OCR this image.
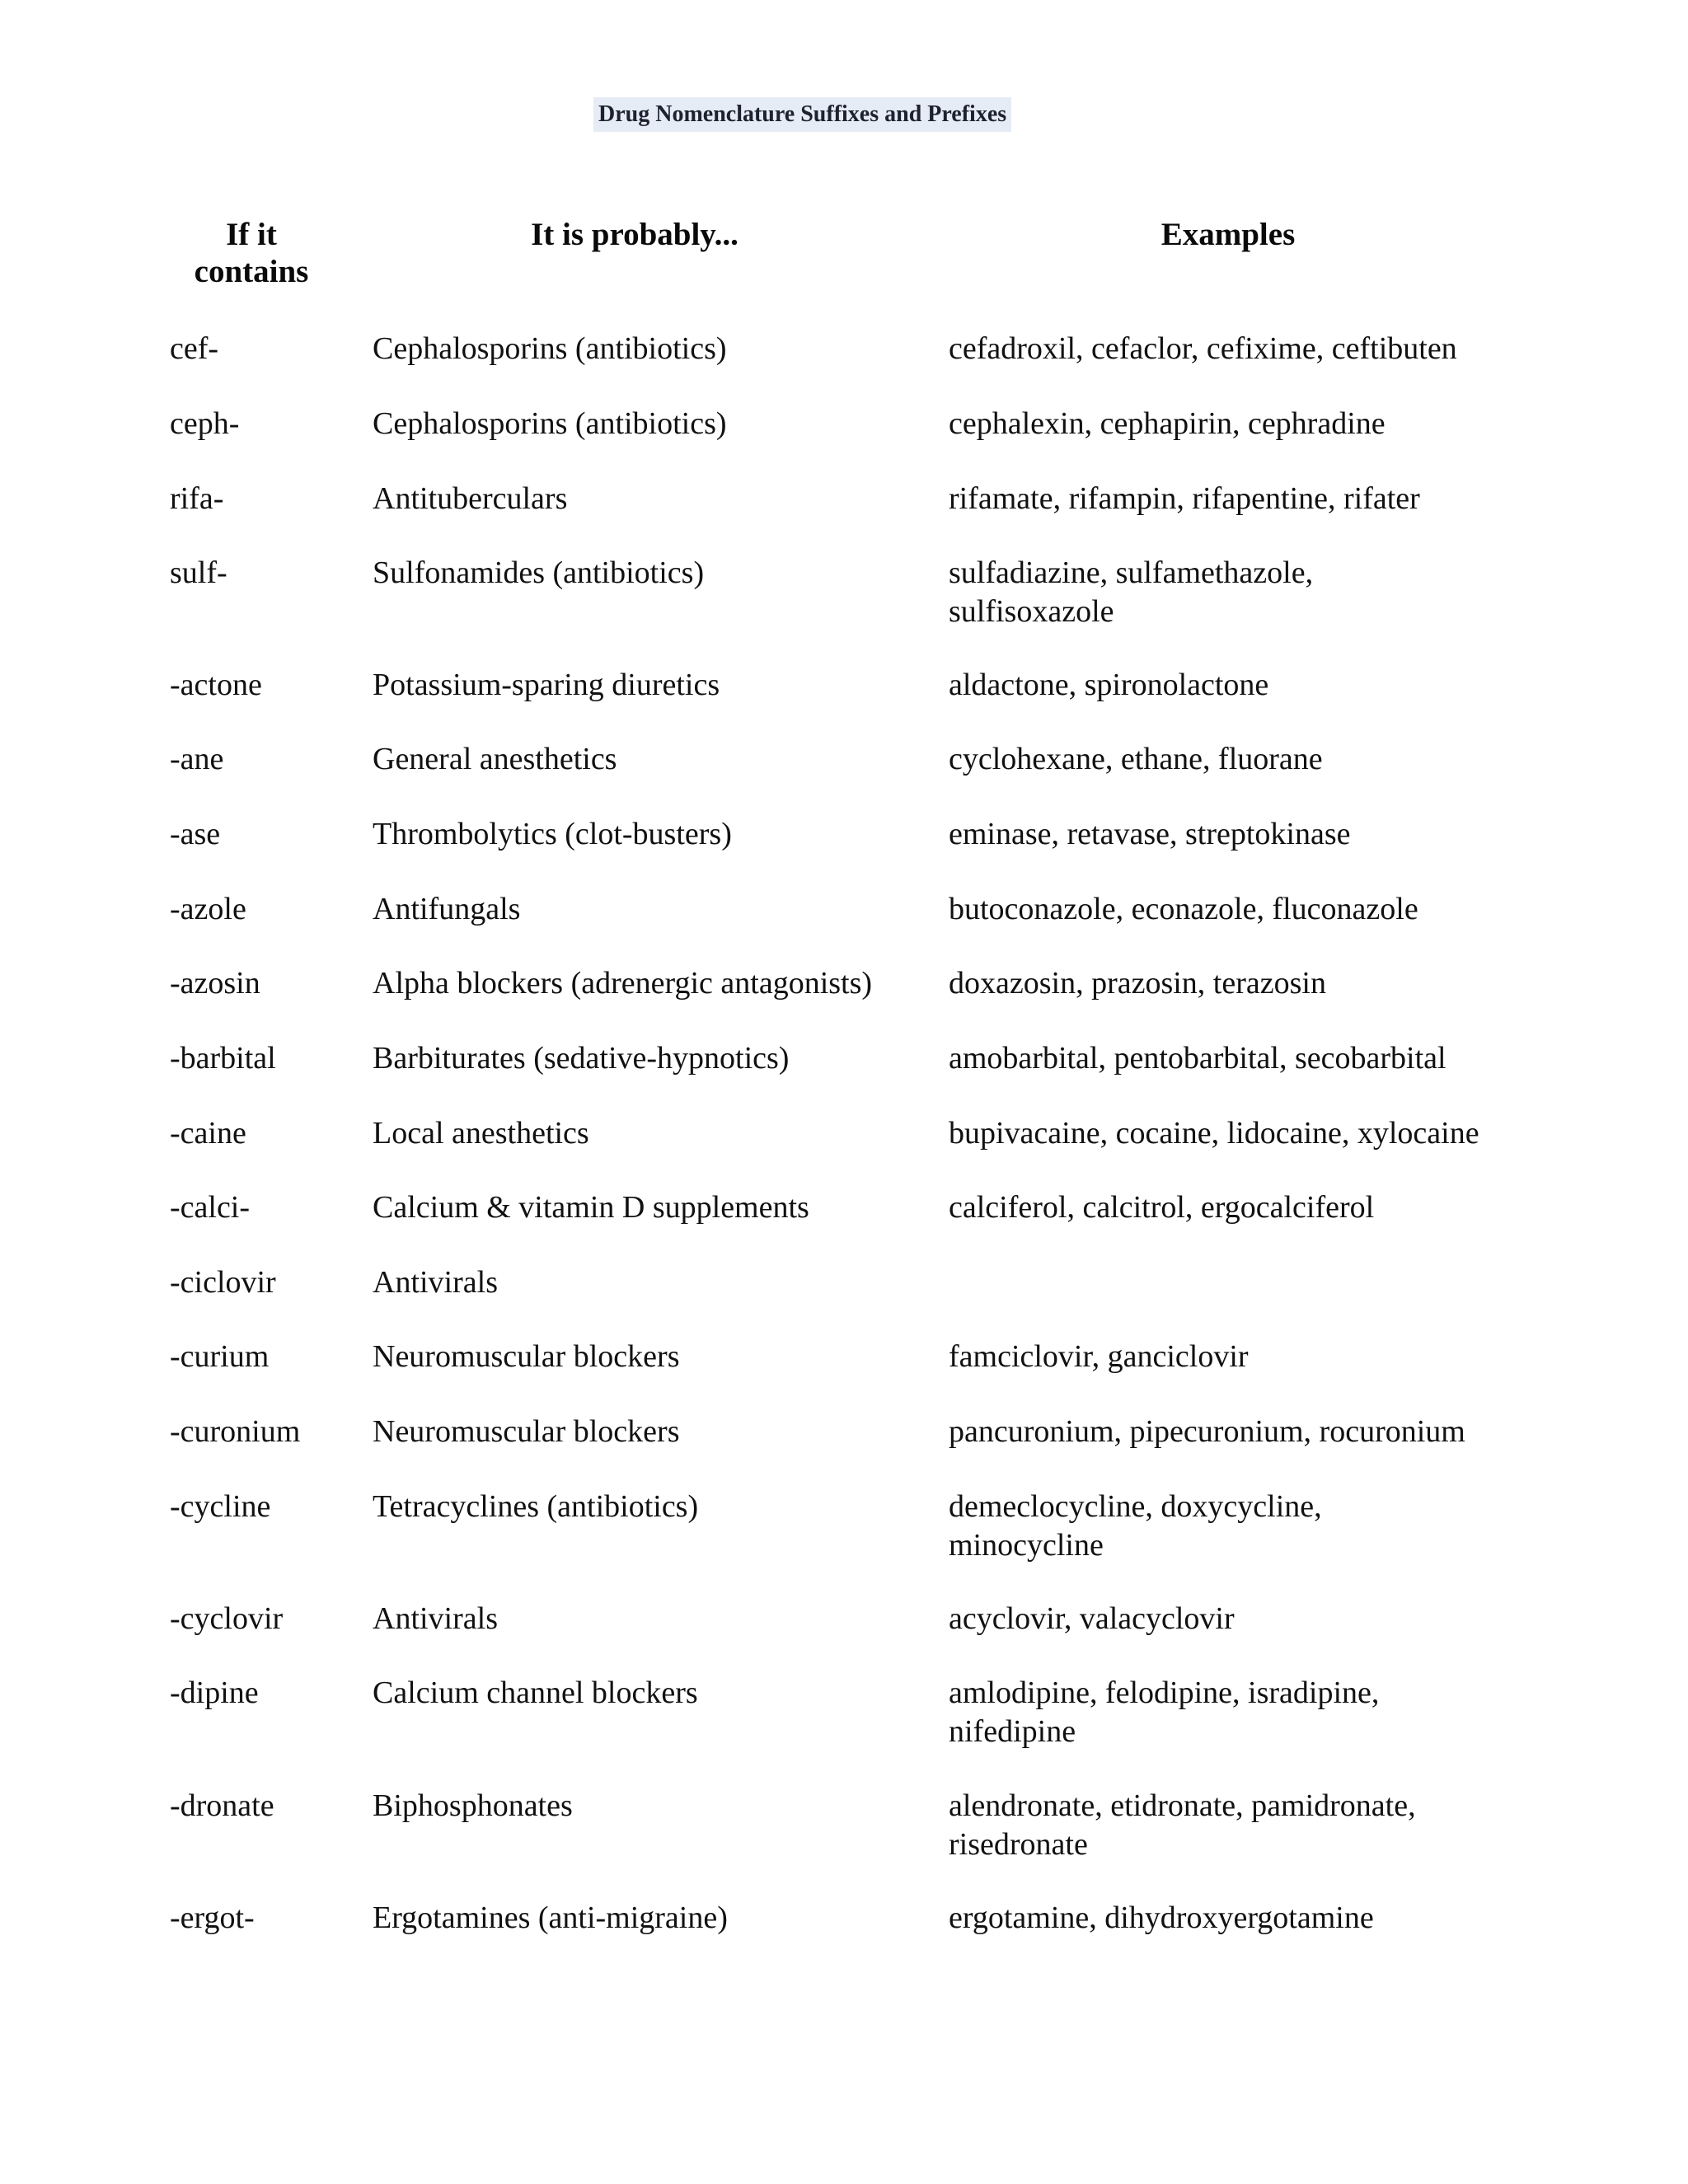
Drug Nomenclature Suffixes and Prefixes
If it contains
It is probably...	Examples
cef-	Cephalosporins (antibiotics)	cefadroxil, cefaclor, cefixime, ceftibuten
ceph-	Cephalosporins (antibiotics)	cephalexin, cephapirin, cephradine
rifa-	Antituberculars	rifamate, rifampin, rifapentine, rifater
sulf-	Sulfonamides (antibiotics)	sulfadiazine, sulfamethazole, sulfisoxazole
-actone	Potassium-sparing diuretics	aldactone, spironolactone
-ane	General anesthetics	cyclohexane, ethane, fluorane
-ase	Thrombolytics (clot-busters)	eminase, retavase, streptokinase
-azole	Antifungals	butoconazole, econazole, fluconazole
-azosin	Alpha blockers (adrenergic antagonists)	doxazosin, prazosin, terazosin
-barbital	Barbiturates (sedative-hypnotics)	amobarbital, pentobarbital, secobarbital
-caine	Local anesthetics	bupivacaine, cocaine, lidocaine, xylocaine
-calci-	Calcium & vitamin D supplements	calciferol, calcitrol, ergocalciferol
-ciclovir	Antivirals
-curium	Neuromuscular blockers	famciclovir, ganciclovir
-curonium	Neuromuscular blockers	pancuronium, pipecuronium, rocuronium
-cycline	Tetracyclines (antibiotics)	demeclocycline, doxycycline, minocycline
-cyclovir	Antivirals	acyclovir, valacyclovir
-dipine	Calcium channel blockers	amlodipine, felodipine, isradipine, nifedipine
-dronate	Biphosphonates	alendronate, etidronate, pamidronate, risedronate
-ergot-	Ergotamines (anti-migraine)	ergotamine, dihydroxyergotamine
